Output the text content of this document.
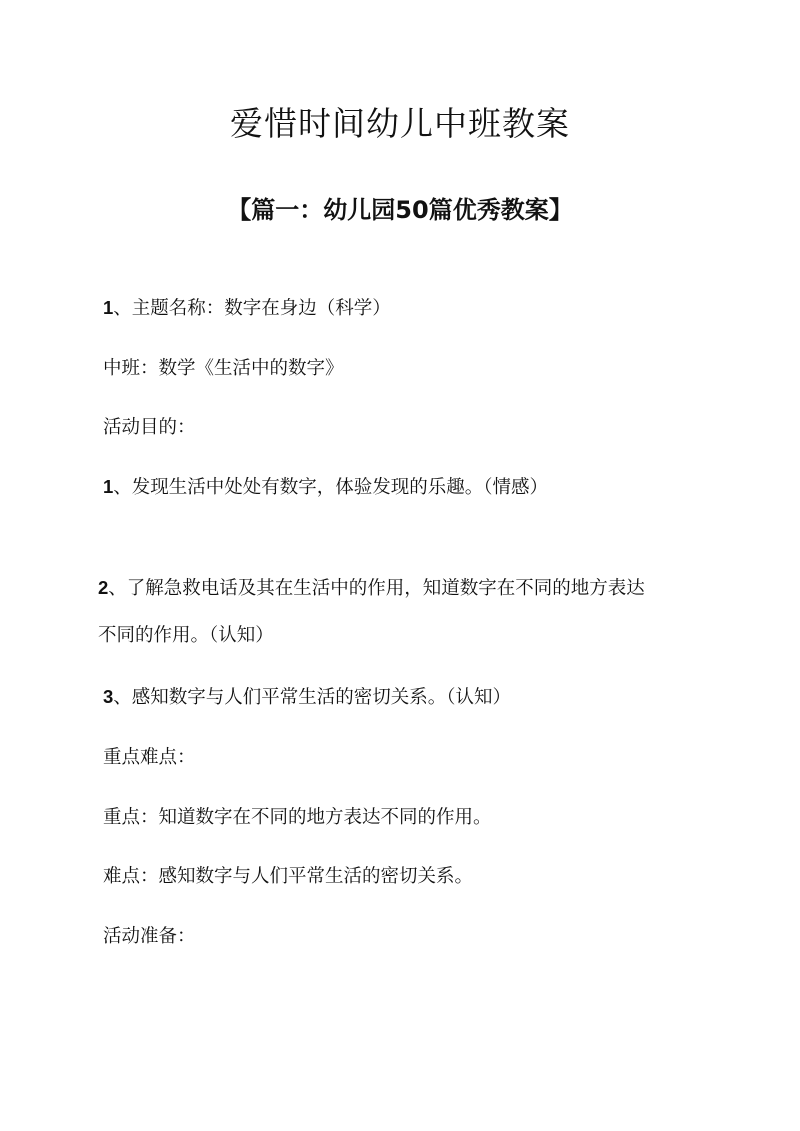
爱惜时间幼儿中班教案
【篇一：幼儿园50篇优秀教案】

1、主题名称：数字在身边（科学）

中班：数学《生活中的数字》

活动目的：

1、发现生活中处处有数字，体验发现的乐趣。（情感）

2、了解急救电话及其在生活中的作用，知道数字在不同的地方表达

不同的作用。（认知）

3、感知数字与人们平常生活的密切关系。（认知）

重点难点：

重点：知道数字在不同的地方表达不同的作用。

难点：感知数字与人们平常生活的密切关系。

活动准备：
